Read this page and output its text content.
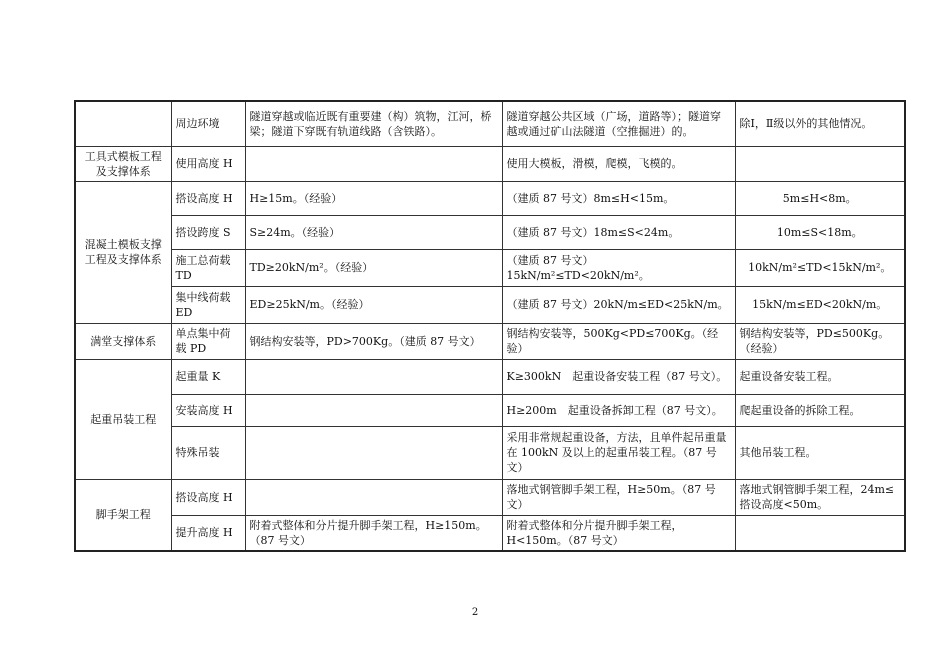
	周边环境	隧道穿越或临近既有重要建（构）筑物，江河，桥梁；隧道下穿既有轨道线路（含铁路）。	隧道穿越公共区域（广场，道路等）；隧道穿越或通过矿山法隧道（空推掘进）的。	除Ⅰ，Ⅱ级以外的其他情况。
工具式模板工程及支撑体系	使用高度 H		使用大模板，滑模，爬模，飞模的。	
混凝土模板支撑工程及支撑体系	搭设高度 H	H≥15m。（经验）	（建质 87 号文）8m≤H<15m。	5m≤H<8m。
	搭设跨度 S	S≥24m。（经验）	（建质 87 号文）18m≤S<24m。	10m≤S<18m。
	施工总荷载 TD	TD≥20kN/m²。（经验）	（建质 87 号文）15kN/m²≤TD<20kN/m²。	10kN/m²≤TD<15kN/m²。
	集中线荷载 ED	ED≥25kN/m。（经验）	（建质 87 号文）20kN/m≤ED<25kN/m。	15kN/m≤ED<20kN/m。
满堂支撑体系	单点集中荷载 PD	钢结构安装等，PD>700Kg。（建质 87 号文）	钢结构安装等，500Kg<PD≤700Kg。（经验）	钢结构安装等，PD≤500Kg。（经验）
起重吊装工程	起重量 K		K≥300kN　起重设备安装工程（87 号文）。	起重设备安装工程。
	安装高度 H		H≥200m　起重设备拆卸工程（87 号文）。	爬起重设备的拆除工程。
	特殊吊装		采用非常规起重设备，方法，且单件起吊重量在 100kN 及以上的起重吊装工程。（87 号文）	其他吊装工程。
脚手架工程	搭设高度 H		落地式钢管脚手架工程，H≥50m。（87 号文）	落地式钢管脚手架工程，24m≤搭设高度<50m。
	提升高度 H	附着式整体和分片提升脚手架工程，H≥150m。（87 号文）	附着式整体和分片提升脚手架工程，H<150m。（87 号文）	
2
